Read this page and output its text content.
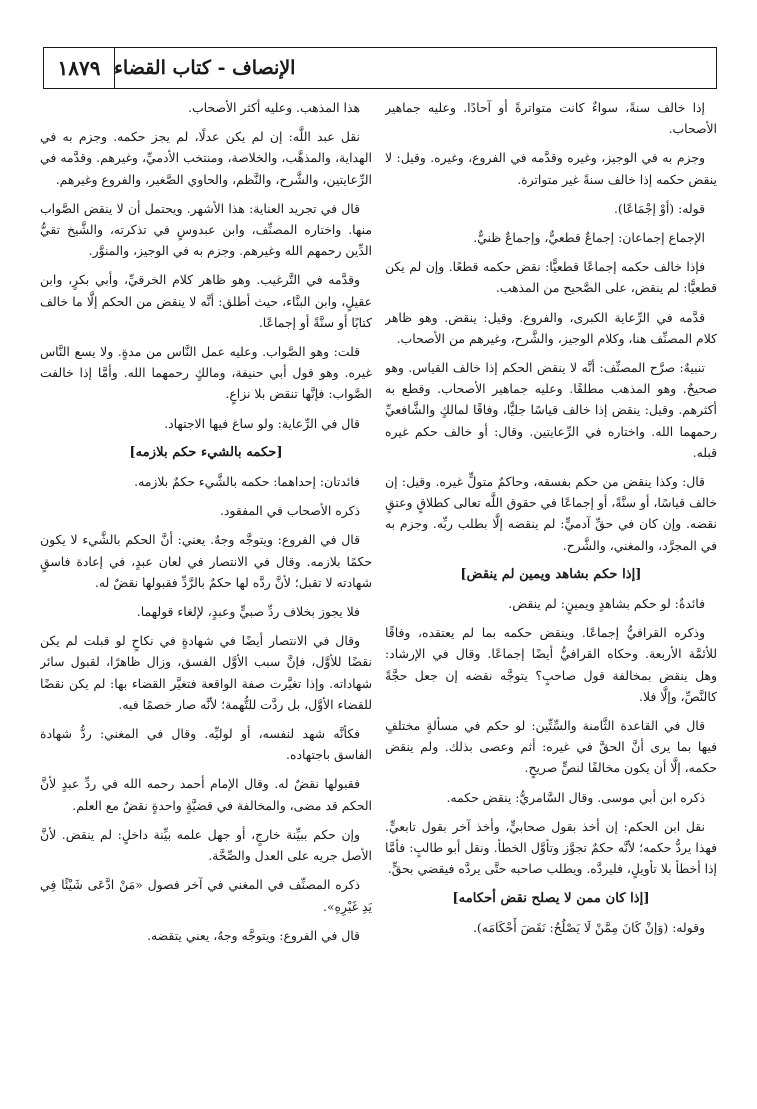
١٨٧٩ الإنصاف - كتاب القضاء

إذا خالف سنةً، سواءٌ كانت متواترةً أو آحادًا. وعليه جماهير الأصحاب.

وجزم به في الوجيز، وغيره وقدَّمه في الفروع، وغيره. وقيل: لا ينقض حكمه إذا خالف سنةً غير متواترة.

قوله: (أوْ إجْمَاعًا).

الإجماع إجماعان: إجماعٌ قطعيٌّ، وإجماعٌ ظنيٌّ.

فإذا خالف حكمه إجماعًا قطعيًّا: نقض حكمه قطعًا. وإن لم يكن قطعيًّا: لم ينقض، على الصَّحيح من المذهب.

قدَّمه في الرِّعاية الكبرى، والفروع. وقيل: ينقض. وهو ظاهر كلام المصنِّف هنا، وكلام الوجيز، والشَّرح، وغيرهم من الأصحاب.

تنبيهٌ: صرَّح المصنِّف: أنَّه لا ينقض الحكم إذا خالف القياس. وهو صحيحٌ. وهو المذهب مطلقًا. وعليه جماهير الأصحاب. وقطع به أكثرهم. وقيل: ينقض إذا خالف قياسًا جليًّا، وفاقًا لمالكٍ والشَّافعيِّ رحمهما الله. واختاره في الرِّعايتين. وقال: أو خالف حكم غيره قبله.

قال: وكذا ينقض من حكم بفسقه، وحاكمٌ متولٍّ غيره. وقيل: إن خالف قياسًا، أو سنَّةً، أو إجماعًا في حقوق اللَّه تعالى كطلاقٍ وعتقٍ نقضه. وإن كان في حقِّ آدميٍّ: لم ينقضه إلَّا بطلب ربِّه. وجزم به في المجرَّد، والمغني، والشَّرح.

[إذا حكم بشاهد ويمين لم ينقض]

فائدةٌ: لو حكم بشاهدٍ ويمينٍ: لم ينقض.

وذكره القرافيُّ إجماعًا. وينقض حكمه بما لم يعتقده، وفاقًا للأئمَّة الأربعة. وحكاه القرافيُّ أيضًا إجماعًا. وقال في الإرشاد: وهل ينقض بمخالفة قول صاحبٍ؟ يتوجَّه نقضه إن جعل حجَّةً كالنَّصِّ، وإلَّا فلا.

قال في القاعدة الثَّامنة والسِّتِّين: لو حكم في مسألةٍ مختلفٍ فيها بما يرى أنَّ الحقَّ في غيره: أثم وعصى بذلك. ولم ينقض حكمه، إلَّا أن يكون مخالفًا لنصٍّ صريحٍ.

ذكره ابن أبي موسى. وقال السَّامريُّ: ينقض حكمه.

نقل ابن الحكم: إن أخذ بقول صحابيٍّ، وأخذ آخر بقول تابعيٍّ. فهذا يردُّ حكمه؛ لأنَّه حكمٌ تجوَّز وتأوَّل الخطأ. ونقل أبو طالبٍ: فأمَّا إذا أخطأ بلا تأويلٍ، فليردَّه. ويطلب صاحبه حتَّى يردَّه فيقضي بحقٍّ.

[إذا كان ممن لا يصلح نقض أحكامه]

وقوله: (وَإنْ كَانَ مِمَّنْ لَا يَصْلُحُ: نَقَضَ أَحْكَامَه).

هذا المذهب. وعليه أكثر الأصحاب.

نقل عبد اللَّه: إن لم يكن عدلًا، لم يجز حكمه. وجزم به في الهداية، والمذهَّب، والخلاصة، ومنتخب الأدميِّ، وغيرهم. وقدَّمه في الرِّعايتين، والشَّرح، والنَّظم، والحاوي الصَّغير، والفروع وغيرهم.

قال في تجريد العناية: هذا الأشهر. ويحتمل أن لا ينقض الصَّواب منها. واختاره المصنِّف، وابن عبدوسٍ في تذكرته، والشَّيخ تقيُّ الدِّين رحمهم الله وغيرهم. وجزم به في الوجيز، والمنوَّر.

وقدَّمه في التَّرغيب. وهو ظاهر كلام الخرقيِّ، وأبي بكرٍ، وابن عقيلٍ، وابن البنَّاء، حيث أطلق: أنَّه لا ينقض من الحكم إلَّا ما خالف كتابًا أو سنَّةً أو إجماعًا.

قلت: وهو الصَّواب. وعليه عمل النَّاس من مدةٍ. ولا يسع النَّاس غيره. وهو قول أبي حنيفة، ومالكٍ رحمهما الله. وأمَّا إذا خالفت الصَّواب: فإنَّها تنقض بلا نزاعٍ.

قال في الرِّعاية: ولو ساغ فيها الاجتهاد.

[حكمه بالشيء حكم بلازمه]

فائدتان: إحداهما: حكمه بالشَّيء حكمٌ بلازمه.

ذكره الأصحاب في المفقود.

قال في الفروع: ويتوجَّه وجهٌ. يعني: أنَّ الحكم بالشَّيء لا يكون حكمًا بلازمه. وقال في الانتصار في لعان عبدٍ، في إعادة فاسقٍ شهادته لا تقبل؛ لأنَّ ردَّه لها حكمٌ بالرَّدِّ فقبولها نقضٌ له.

فلا يجوز بخلاف ردِّ صبيٍّ وعبدٍ، لإلغاء قولهما.

وقال في الانتصار أيضًا في شهادةٍ في نكاحٍ لو قبلت لم يكن نقضًا للأوَّل، فإنَّ سبب الأوَّل الفسق، وزال ظاهرًا، لقبول سائر شهاداته. وإذا تغيَّرت صفة الواقعة فتغيَّر القضاء بها: لم يكن نقضًا للقضاء الأوَّل، بل ردَّت للتُّهمة؛ لأنَّه صار خصمًا فيه.

فكأنَّه شهد لنفسه، أو لوليِّه. وقال في المغني: ردُّ شهادة الفاسق باجتهاده.

فقبولها نقضٌ له. وقال الإمام أحمد رحمه الله في ردِّ عبدٍ لأنَّ الحكم قد مضى، والمخالفة في قضيَّةٍ واحدةٍ نقضٌ مع العلم.

وإن حكم ببيِّنة خارجٍ، أو جهل علمه بيِّنة داخلٍ: لم ينقض. لأنَّ الأصل جريه على العدل والصِّحَّة.

ذكره المصنِّف في المغني في آخر فصول «مَنْ ادَّعَى شَيْئًا فِي يَدِ غَيْرِهِ».

قال في الفروع: ويتوجَّه وجهٌ، يعني يتقضه.
